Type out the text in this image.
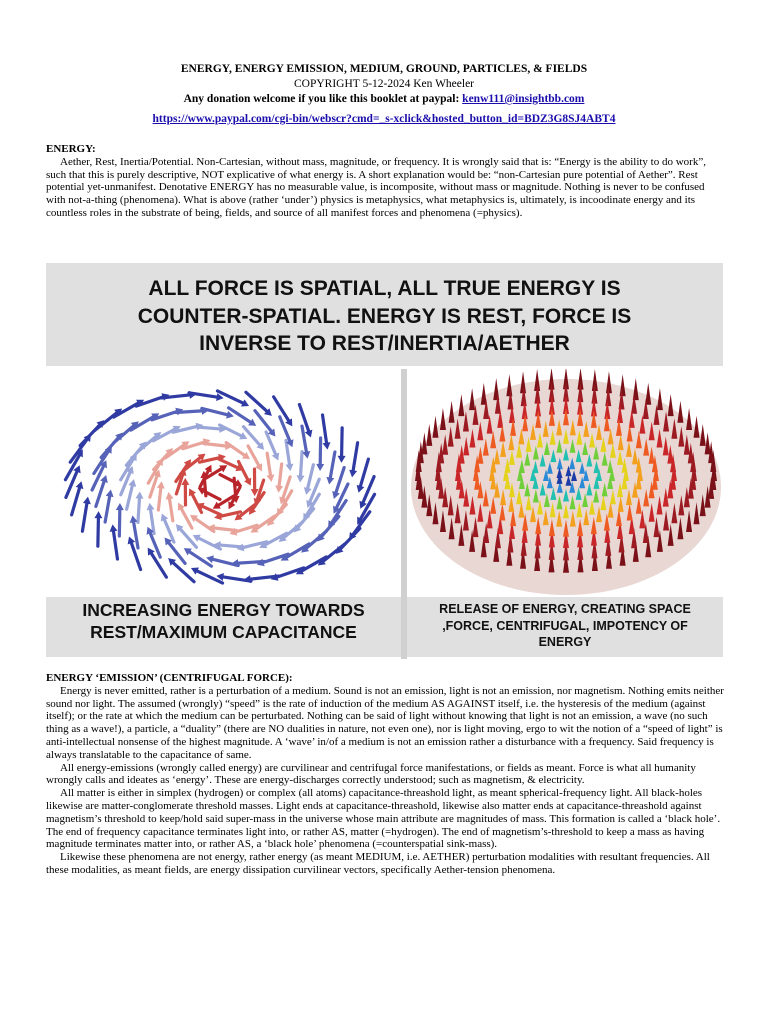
ENERGY, ENERGY EMISSION, MEDIUM, GROUND, PARTICLES, & FIELDS
COPYRIGHT 5-12-2024 Ken Wheeler
Any donation welcome if you like this booklet at paypal: kenw111@insightbb.com
https://www.paypal.com/cgi-bin/webscr?cmd=_s-xclick&hosted_button_id=BDZ3G8SJ4ABT4
ENERGY:

Aether, Rest, Inertia/Potential. Non-Cartesian, without mass, magnitude, or frequency. It is wrongly said that is: “Energy is the ability to do work”, such that this is purely descriptive, NOT explicative of what energy is. A short explanation would be: “non-Cartesian pure potential of Aether”. Rest potential yet-unmanifest. Denotative ENERGY has no measurable value, is incomposite, without mass or magnitude. Nothing is never to be confused with not-a-thing (phenomena). What is above (rather ‘under’) physics is metaphysics, what metaphysics is, ultimately, is incoodinate energy and its countless roles in the substrate of being, fields, and source of all manifest forces and phenomena (=physics).

ALL FORCE IS SPATIAL, ALL TRUE ENERGY IS
COUNTER-SPATIAL. ENERGY IS REST, FORCE IS
INVERSE TO REST/INERTIA/AETHER
INCREASING ENERGY TOWARDS
REST/MAXIMUM CAPACITANCE
RELEASE OF ENERGY, CREATING SPACE
,FORCE, CENTRIFUGAL, IMPOTENCY OF
ENERGY
ENERGY ‘EMISSION’ (CENTRIFUGAL FORCE):

Energy is never emitted, rather is a perturbation of a medium. Sound is not an emission, light is not an emission, nor magnetism. Nothing emits neither sound nor light. The assumed (wrongly) “speed” is the rate of induction of the medium AS AGAINST itself, i.e. the hysteresis of the medium (against itself); or the rate at which the medium can be perturbated. Nothing can be said of light without knowing that light is not an emission, a wave (no such thing as a wave!), a particle, a “duality” (there are NO dualities in nature, not even one), nor is light moving, ergo to wit the notion of a “speed of light” is anti-intellectual nonsense of the highest magnitude. A ‘wave’ in/of a medium is not an emission rather a disturbance with a frequency. Said frequency is always translatable to the capacitance of same.

All energy-emissions (wrongly called energy) are curvilinear and centrifugal force manifestations, or fields as meant. Force is what all humanity wrongly calls and ideates as ‘energy’. These are energy-discharges correctly understood; such as magnetism, & electricity.

All matter is either in simplex (hydrogen) or complex (all atoms) capacitance-threashold light, as meant spherical-frequency light. All black-holes likewise are matter-conglomerate threshold masses. Light ends at capacitance-threashold, likewise also matter ends at capacitance-threashold against magnetism’s threshold to keep/hold said super-mass in the universe whose main attribute are magnitudes of mass. This formation is called a ‘black hole’. The end of frequency capacitance terminates light into, or rather AS, matter (=hydrogen). The end of magnetism’s-threshold to keep a mass as having magnitude terminates matter into, or rather AS, a ‘black hole’ phenomena (=counterspatial sink-mass).

Likewise these phenomena are not energy, rather energy (as meant MEDIUM, i.e. AETHER) perturbation modalities with resultant frequencies. All these modalities, as meant fields, are energy dissipation curvilinear vectors, specifically Aether-tension phenomena.
